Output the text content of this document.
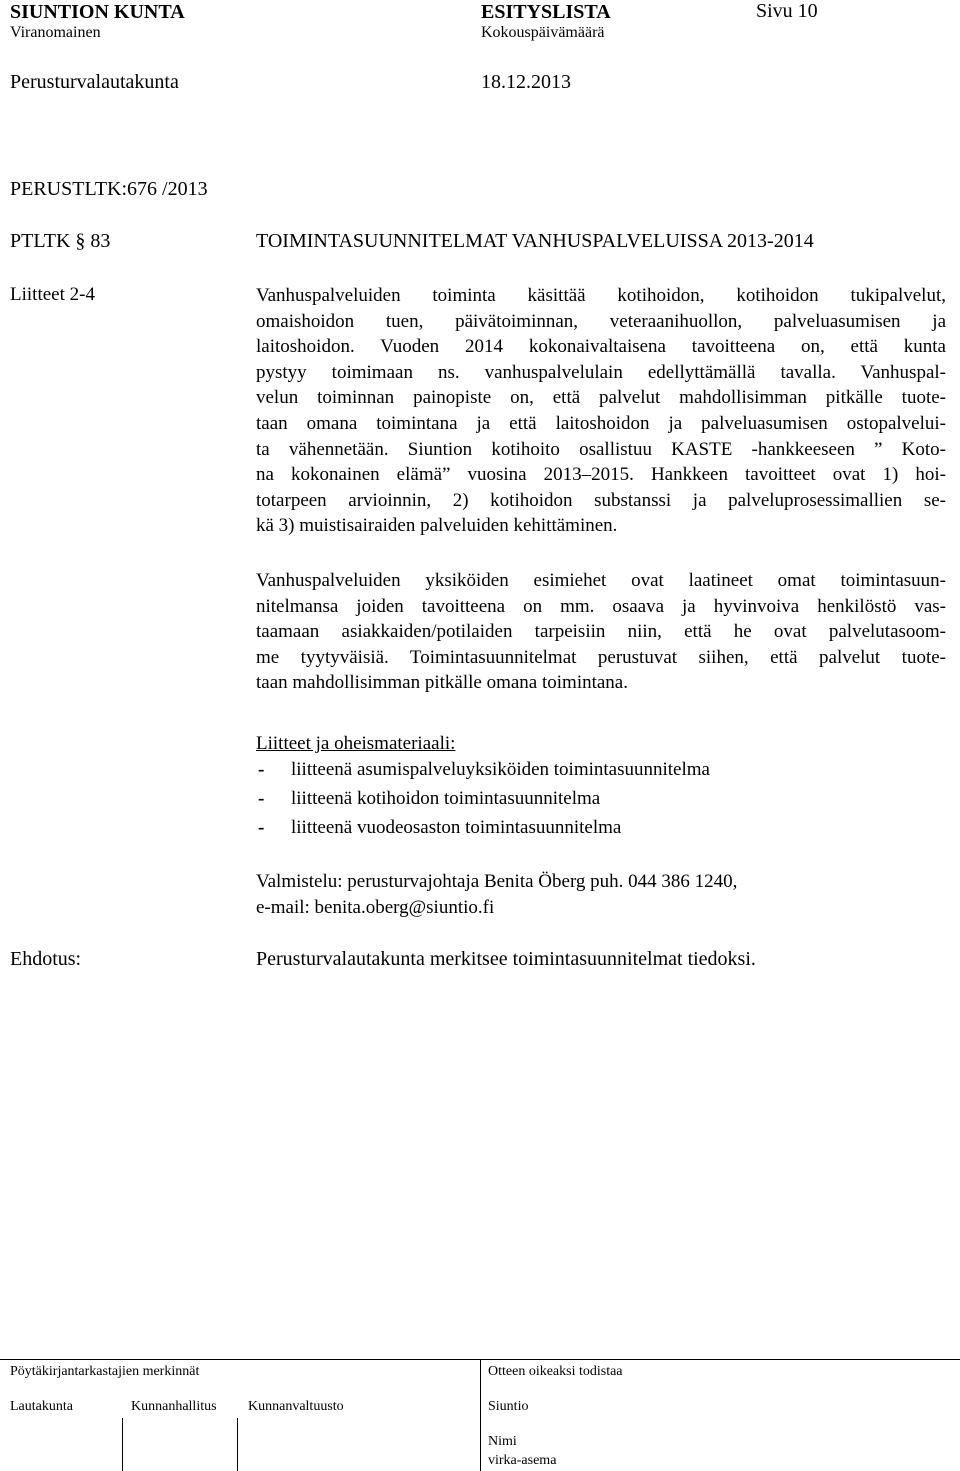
SIUNTION KUNTA
Viranomainen
ESITYSLISTA
Kokouspäivämäärä
Sivu 10
Perusturvalautakunta	18.12.2013
PERUSTLTK:676 /2013
PTLTK § 83	TOIMINTASUUNNITELMAT VANHUSPALVELUISSA 2013-2014
Liitteet 2-4	Vanhuspalveluiden toiminta käsittää kotihoidon, kotihoidon tukipalvelut,
omaishoidon tuen, päivätoiminnan, veteraanihuollon, palveluasumisen ja
laitoshoidon. Vuoden 2014 kokonaivaltaisena tavoitteena on, että kunta
pystyy toimimaan ns. vanhuspalvelulain edellyttämällä tavalla. Vanhuspal-
velun toiminnan painopiste on, että palvelut mahdollisimman pitkälle tuote-
taan omana toimintana ja että laitoshoidon ja palveluasumisen ostopalvelui-
ta vähennetään. Siuntion kotihoito osallistuu KASTE -hankkeeseen ” Koto-
na kokonainen elämä” vuosina 2013–2015. Hankkeen tavoitteet ovat 1) hoi-
totarpeen arvioinnin, 2) kotihoidon substanssi ja palveluprosessimallien se-
kä 3) muistisairaiden palveluiden kehittäminen.
Vanhuspalveluiden yksiköiden esimiehet ovat laatineet omat toimintasuun-
nitelmansa joiden tavoitteena on mm. osaava ja hyvinvoiva henkilöstö vas-
taamaan asiakkaiden/potilaiden tarpeisiin niin, että he ovat palvelutasoom-
me tyytyväisiä. Toimintasuunnitelmat perustuvat siihen, että palvelut tuote-
taan mahdollisimman pitkälle omana toimintana.
Liitteet ja oheismateriaali:
- liitteenä asumispalveluyksiköiden toimintasuunnitelma
- liitteenä kotihoidon toimintasuunnitelma
- liitteenä vuodeosaston toimintasuunnitelma
Valmistelu: perusturvajohtaja Benita Öberg puh. 044 386 1240,
e-mail: benita.oberg@siuntio.fi
Ehdotus:	Perusturvalautakunta merkitsee toimintasuunnitelmat tiedoksi.
Pöytäkirjantarkastajien merkinnät	Otteen oikeaksi todistaa
Lautakunta	Kunnanhallitus Kunnanvaltuusto	Siuntio
Nimi
virka-asema
